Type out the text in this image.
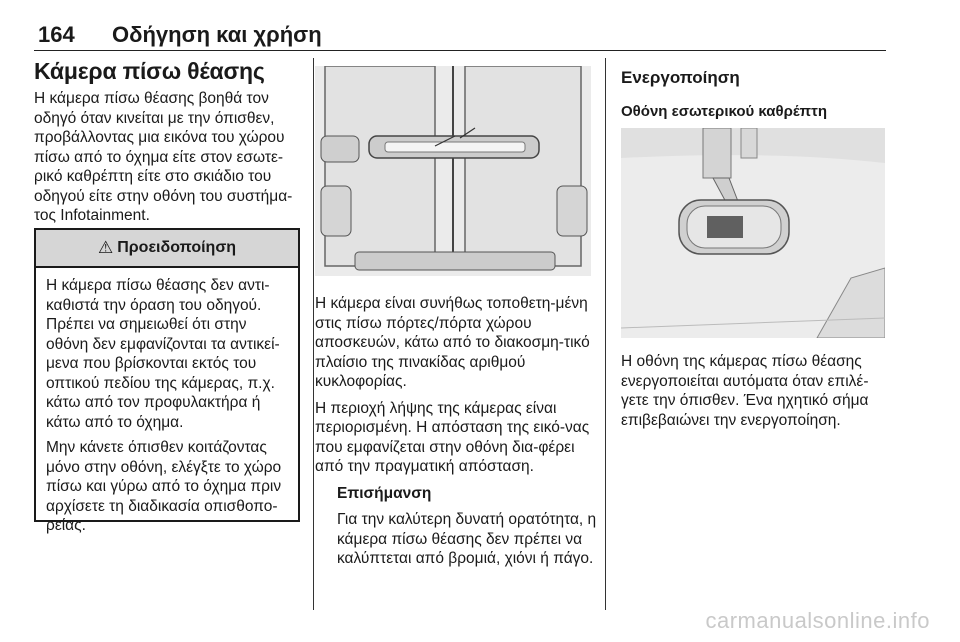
164 Οδήγηση και χρήση
Κάμερα πίσω θέασης

Η κάμερα πίσω θέασης βοηθά τον οδηγό όταν κινείται με την όπισθεν, προβάλλοντας μια εικόνα του χώρου πίσω από το όχημα είτε στον εσωτε-ρικό καθρέπτη είτε στο σκιάδιο του οδηγού είτε στην οθόνη του συστήμα-τος Infotainment.

⚠ Προειδοποίηση

Η κάμερα πίσω θέασης δεν αντι-καθιστά την όραση του οδηγού. Πρέπει να σημειωθεί ότι στην οθόνη δεν εμφανίζονται τα αντικεί-μενα που βρίσκονται εκτός του οπτικού πεδίου της κάμερας, π.χ. κάτω από τον προφυλακτήρα ή κάτω από το όχημα.

Μην κάνετε όπισθεν κοιτάζοντας μόνο στην οθόνη, ελέγξτε το χώρο πίσω και γύρω από το όχημα πριν αρχίσετε τη διαδικασία οπισθοπο-ρείας.

Η κάμερα είναι συνήθως τοποθετη-μένη στις πίσω πόρτες/πόρτα χώρου αποσκευών, κάτω από το διακοσμη-τικό πλαίσιο της πινακίδας αριθμού κυκλοφορίας.

Η περιοχή λήψης της κάμερας είναι περιορισμένη. Η απόσταση της εικό-νας που εμφανίζεται στην οθόνη δια-φέρει από την πραγματική απόσταση.

Επισήμανση

Για την καλύτερη δυνατή ορατότητα, η κάμερα πίσω θέασης δεν πρέπει να καλύπτεται από βρομιά, χιόνι ή πάγο.

Ενεργοποίηση
Οθόνη εσωτερικού καθρέπτη

Η οθόνη της κάμερας πίσω θέασης ενεργοποιείται αυτόματα όταν επιλέ-γετε την όπισθεν. Ένα ηχητικό σήμα επιβεβαιώνει την ενεργοποίηση.

carmanualsonline.info
